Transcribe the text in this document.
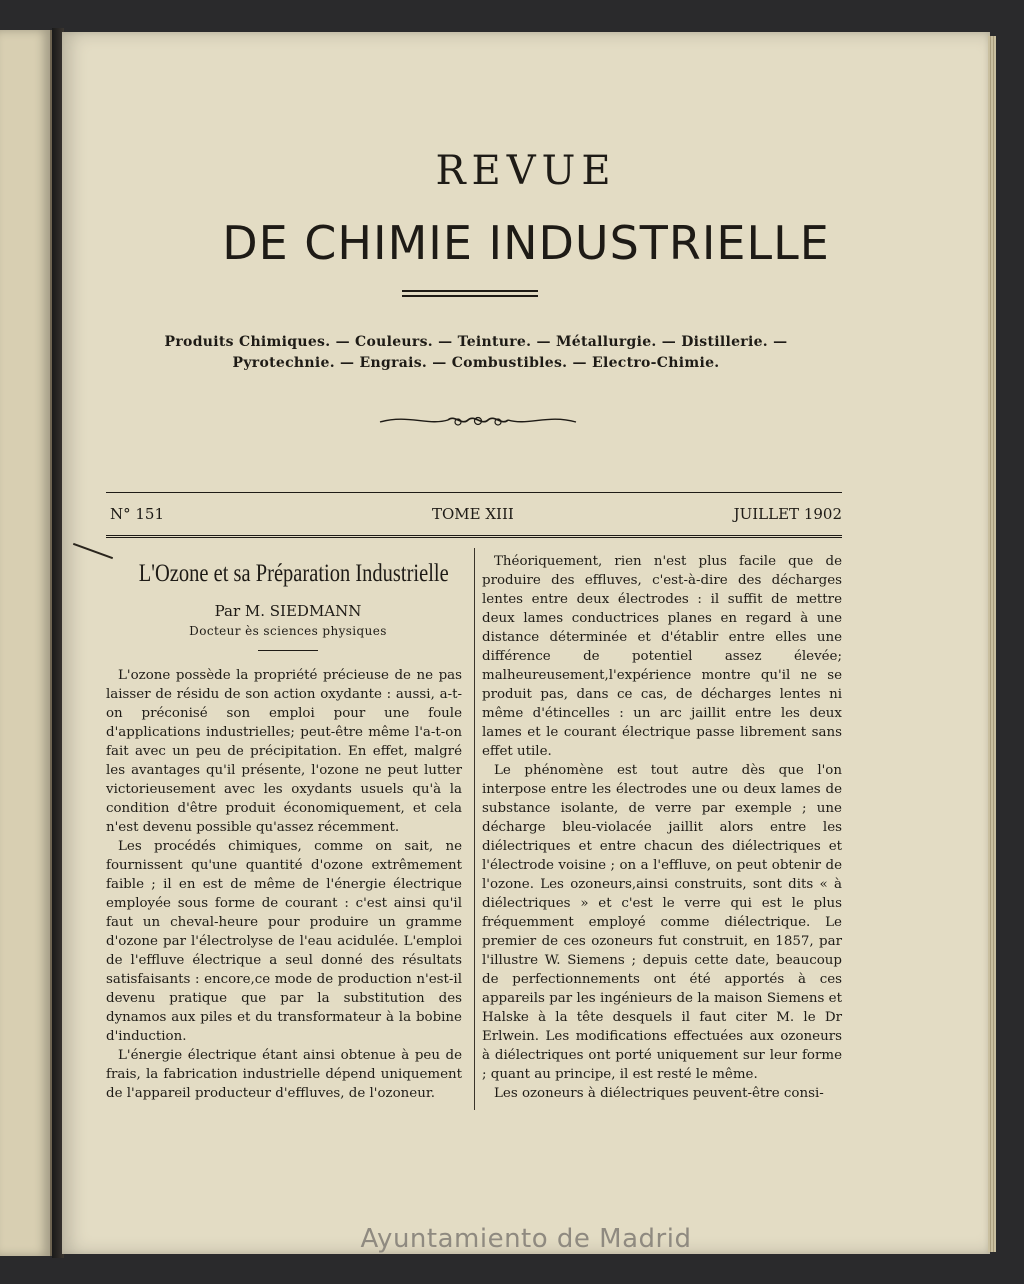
REVUE
DE CHIMIE INDUSTRIELLE
Produits Chimiques. — Couleurs. — Teinture. — Métallurgie. — Distillerie. —
Pyrotechnie. — Engrais. — Combustibles. — Electro-Chimie.
N° 151	TOME XIII	JUILLET 1902
L'Ozone et sa Préparation Industrielle
Par M. SIEDMANN
Docteur ès sciences physiques

L'ozone possède la propriété précieuse de ne pas laisser de résidu de son action oxydante : aussi, a-t-on préconisé son emploi pour une foule d'applications industrielles; peut-être même l'a-t-on fait avec un peu de précipitation. En effet, malgré les avantages qu'il présente, l'ozone ne peut lutter victorieusement avec les oxydants usuels qu'à la condition d'être produit économiquement, et cela n'est devenu possible qu'assez récemment.

Les procédés chimiques, comme on sait, ne fournissent qu'une quantité d'ozone extrêmement faible ; il en est de même de l'énergie électrique employée sous forme de courant : c'est ainsi qu'il faut un cheval-heure pour produire un gramme d'ozone par l'électrolyse de l'eau acidulée. L'emploi de l'effluve électrique a seul donné des résultats satisfaisants : encore,ce mode de production n'est-il devenu pratique que par la substitution des dynamos aux piles et du transformateur à la bobine d'induction.

L'énergie électrique étant ainsi obtenue à peu de frais, la fabrication industrielle dépend uniquement de l'appareil producteur d'effluves, de l'ozoneur.

Théoriquement, rien n'est plus facile que de produire des effluves, c'est-à-dire des décharges lentes entre deux électrodes : il suffit de mettre deux lames conductrices planes en regard à une distance déterminée et d'établir entre elles une différence de potentiel assez élevée; malheureusement,l'expérience montre qu'il ne se produit pas, dans ce cas, de décharges lentes ni même d'étincelles : un arc jaillit entre les deux lames et le courant électrique passe librement sans effet utile.

Le phénomène est tout autre dès que l'on interpose entre les électrodes une ou deux lames de substance isolante, de verre par exemple ; une décharge bleu-violacée jaillit alors entre les diélectriques et entre chacun des diélectriques et l'électrode voisine ; on a l'effluve, on peut obtenir de l'ozone. Les ozoneurs,ainsi construits, sont dits « à diélectriques » et c'est le verre qui est le plus fréquemment employé comme diélectrique. Le premier de ces ozoneurs fut construit, en 1857, par l'illustre W. Siemens ; depuis cette date, beaucoup de perfectionnements ont été apportés à ces appareils par les ingénieurs de la maison Siemens et Halske à la tête desquels il faut citer M. le Dr Erlwein. Les modifications effectuées aux ozoneurs à diélectriques ont porté uniquement sur leur forme ; quant au principe, il est resté le même.

Les ozoneurs à diélectriques peuvent-être consi-

Ayuntamiento de Madrid
